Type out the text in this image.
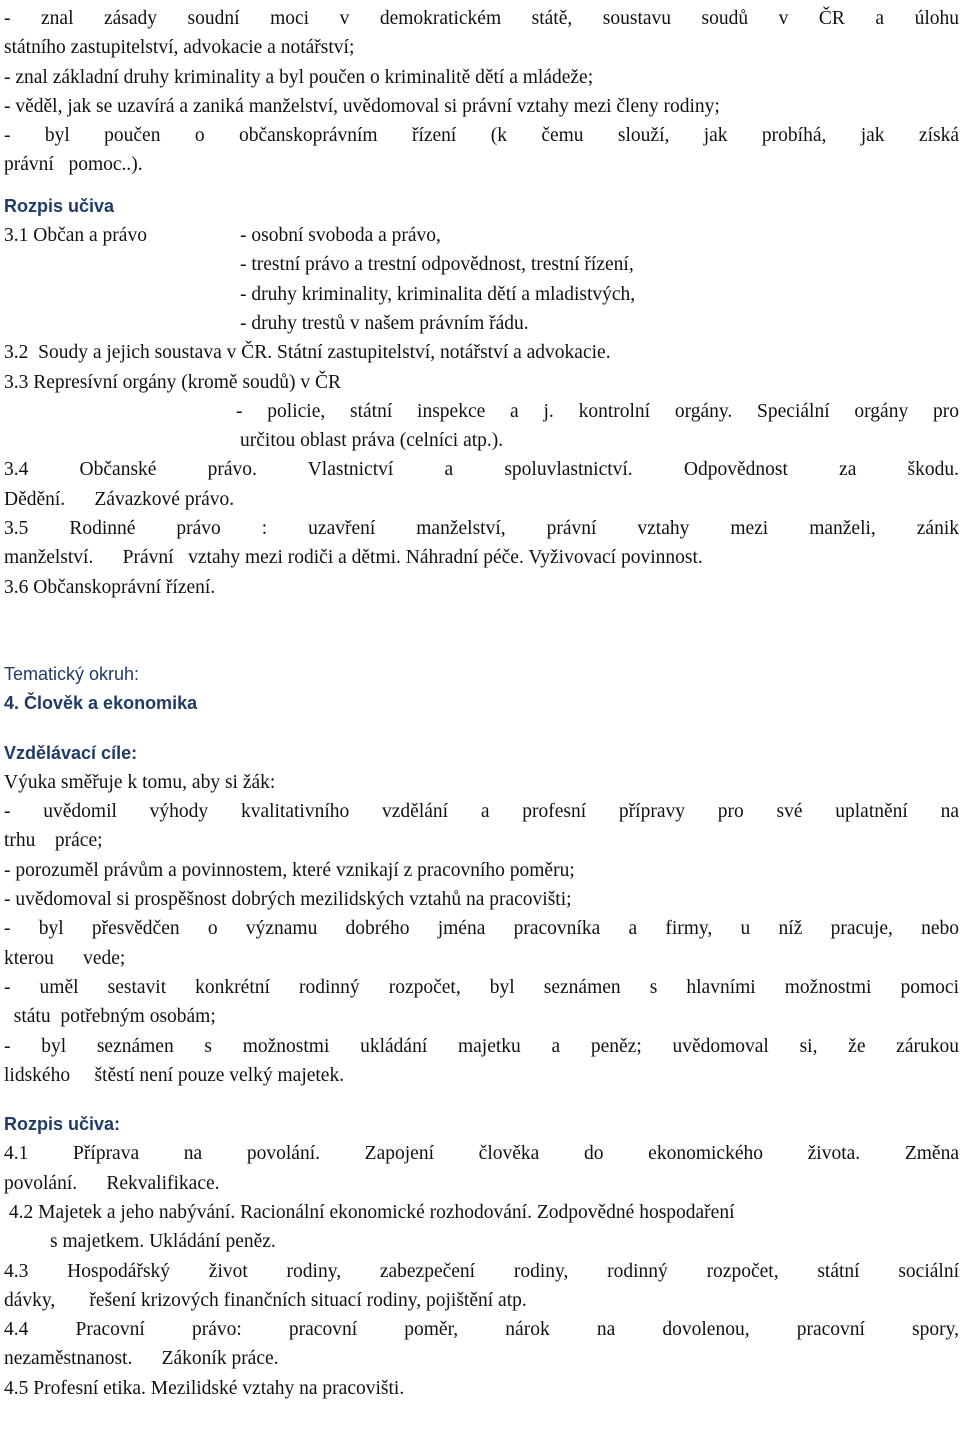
- znal zásady soudní moci v demokratickém státě, soustavu soudů v ČR a úlohu
státního zastupitelství, advokacie a notářství;
- znal základní druhy kriminality a byl poučen o kriminalitě dětí a mládeže;
- věděl, jak se uzavírá a zaniká manželství, uvědomoval si právní vztahy mezi členy rodiny;
- byl poučen o občanskoprávním řízení (k čemu slouží, jak probíhá, jak získá
právní   pomoc..).
Rozpis učiva
3.1 Občan a právo	- osobní svoboda a právo,
- trestní právo a trestní odpovědnost, trestní řízení,
- druhy kriminality, kriminalita dětí a mladistvých,
- druhy trestů v našem právním řádu.
3.2  Soudy a jejich soustava v ČR. Státní zastupitelství, notářství a advokacie.
3.3 Represívní orgány (kromě soudů) v ČR
- policie, státní inspekce a j. kontrolní orgány. Speciální orgány pro
určitou oblast práva (celníci atp.).
3.4 Občanské právo. Vlastnictví a spoluvlastnictví. Odpovědnost za škodu.
Dědění.      Závazkové právo.
3.5 Rodinné právo : uzavření manželství, právní vztahy mezi manželi, zánik
manželství.      Právní   vztahy mezi rodiči a dětmi. Náhradní péče. Vyživovací povinnost.
3.6 Občanskoprávní řízení.
Tematický okruh:
4. Člověk a ekonomika
Vzdělávací cíle:
Výuka směřuje k tomu, aby si žák:
- uvědomil výhody kvalitativního vzdělání a profesní přípravy pro své uplatnění na
trhu    práce;
- porozuměl právům a povinnostem, které vznikají z pracovního poměru;
- uvědomoval si prospěšnost dobrých mezilidských vztahů na pracovišti;
- byl přesvědčen o významu dobrého jména pracovníka a firmy, u níž pracuje, nebo
kterou      vede;
- uměl sestavit konkrétní rodinný rozpočet, byl seznámen s hlavními možnostmi pomoci
státu  potřebným osobám;
- byl seznámen s možnostmi ukládání majetku a peněz; uvědomoval si, že zárukou
lidského     štěstí není pouze velký majetek.
Rozpis učiva:
4.1 Příprava na povolání. Zapojení člověka do ekonomického života. Změna
povolání.      Rekvalifikace.
4.2 Majetek a jeho nabývání. Racionální ekonomické rozhodování. Zodpovědné hospodaření
s majetkem. Ukládání peněz.
4.3 Hospodářský život rodiny, zabezpečení rodiny, rodinný rozpočet, státní sociální
dávky,       řešení krizových finančních situací rodiny, pojištění atp.
4.4 Pracovní právo: pracovní poměr, nárok na dovolenou, pracovní spory,
nezaměstnanost.      Zákoník práce.
4.5 Profesní etika. Mezilidské vztahy na pracovišti.
